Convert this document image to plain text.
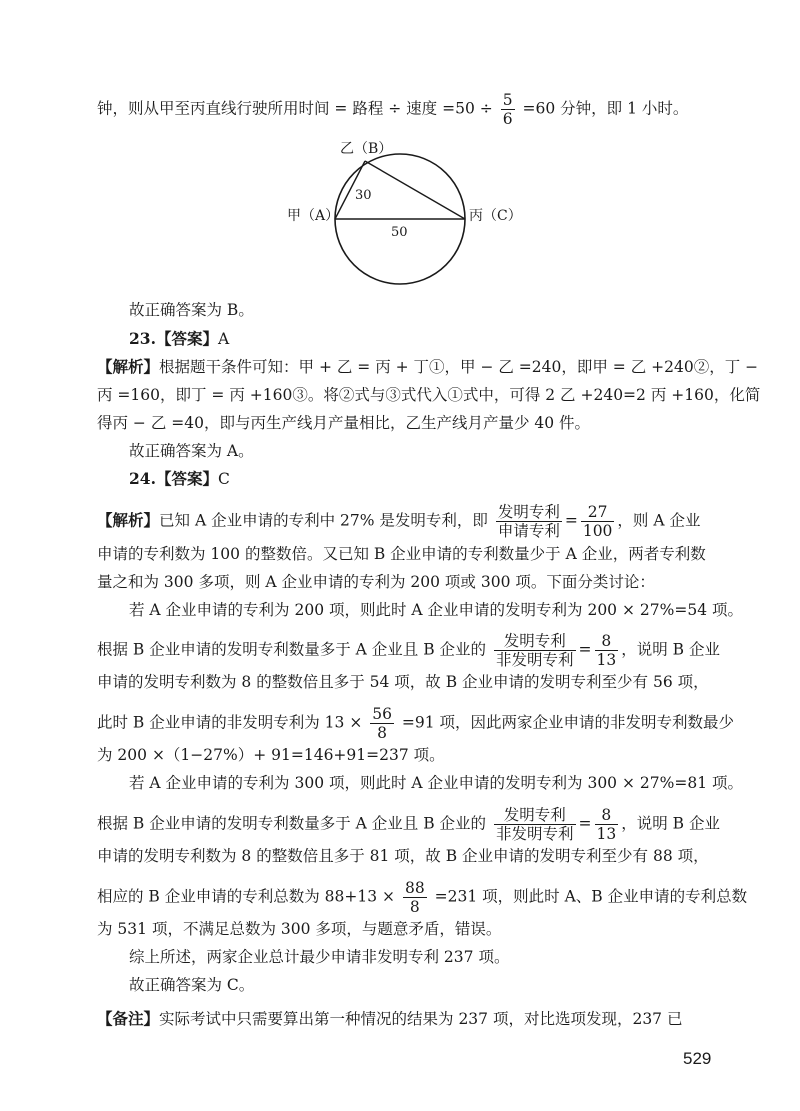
钟，则从甲至丙直线行驶所用时间 = 路程 ÷ 速度 $=50 \div \frac{5}{6} =60$ 分钟，即 1 小时。
乙（B）
甲（A）	丙（C）
30
50
故正确答案为 B。
23.【答案】A
【解析】根据题干条件可知：甲 + 乙 = 丙 + 丁①，甲 − 乙 =240，即甲 = 乙 +240②，丁 −
丙 =160，即丁 = 丙 +160③。将②式与③式代入①式中，可得 2 乙 +240=2 丙 +160，化简
得丙 − 乙 =40，即与丙生产线月产量相比，乙生产线月产量少 40 件。
故正确答案为 A。
24.【答案】C
【解析】已知 A 企业申请的专利中 27% 是发明专利，即 $\frac{\text{发明专利}}{\text{申请专利}} = \frac{27}{100}$ ，则 A 企业
申请的专利数为 100 的整数倍。又已知 B 企业申请的专利数量少于 A 企业，两者专利数
量之和为 300 多项，则 A 企业申请的专利为 200 项或 300 项。下面分类讨论：
若 A 企业申请的专利为 200 项，则此时 A 企业申请的发明专利为 200 × 27%=54 项。
根据 B 企业申请的发明专利数量多于 A 企业且 B 企业的 $\frac{\text{发明专利}}{\text{非发明专利}} = \frac{8}{13}$ ，说明 B 企业
申请的发明专利数为 8 的整数倍且多于 54 项，故 B 企业申请的发明专利至少有 56 项，
此时 B 企业申请的非发明专利为 $13 \times \frac{56}{8} =91$ 项，因此两家企业申请的非发明专利数最少
为 200 ×（1−27%）+ 91=146+91=237 项。
若 A 企业申请的专利为 300 项，则此时 A 企业申请的发明专利为 300 × 27%=81 项。
根据 B 企业申请的发明专利数量多于 A 企业且 B 企业的 $\frac{\text{发明专利}}{\text{非发明专利}} = \frac{8}{13}$ ，说明 B 企业
申请的发明专利数为 8 的整数倍且多于 81 项，故 B 企业申请的发明专利至少有 88 项，
相应的 B 企业申请的专利总数为 $88+13 \times \frac{88}{8} =231$ 项，则此时 A、B 企业申请的专利总数
为 531 项，不满足总数为 300 多项，与题意矛盾，错误。
综上所述，两家企业总计最少申请非发明专利 237 项。
故正确答案为 C。
【备注】实际考试中只需要算出第一种情况的结果为 237 项，对比选项发现，237 已
529
